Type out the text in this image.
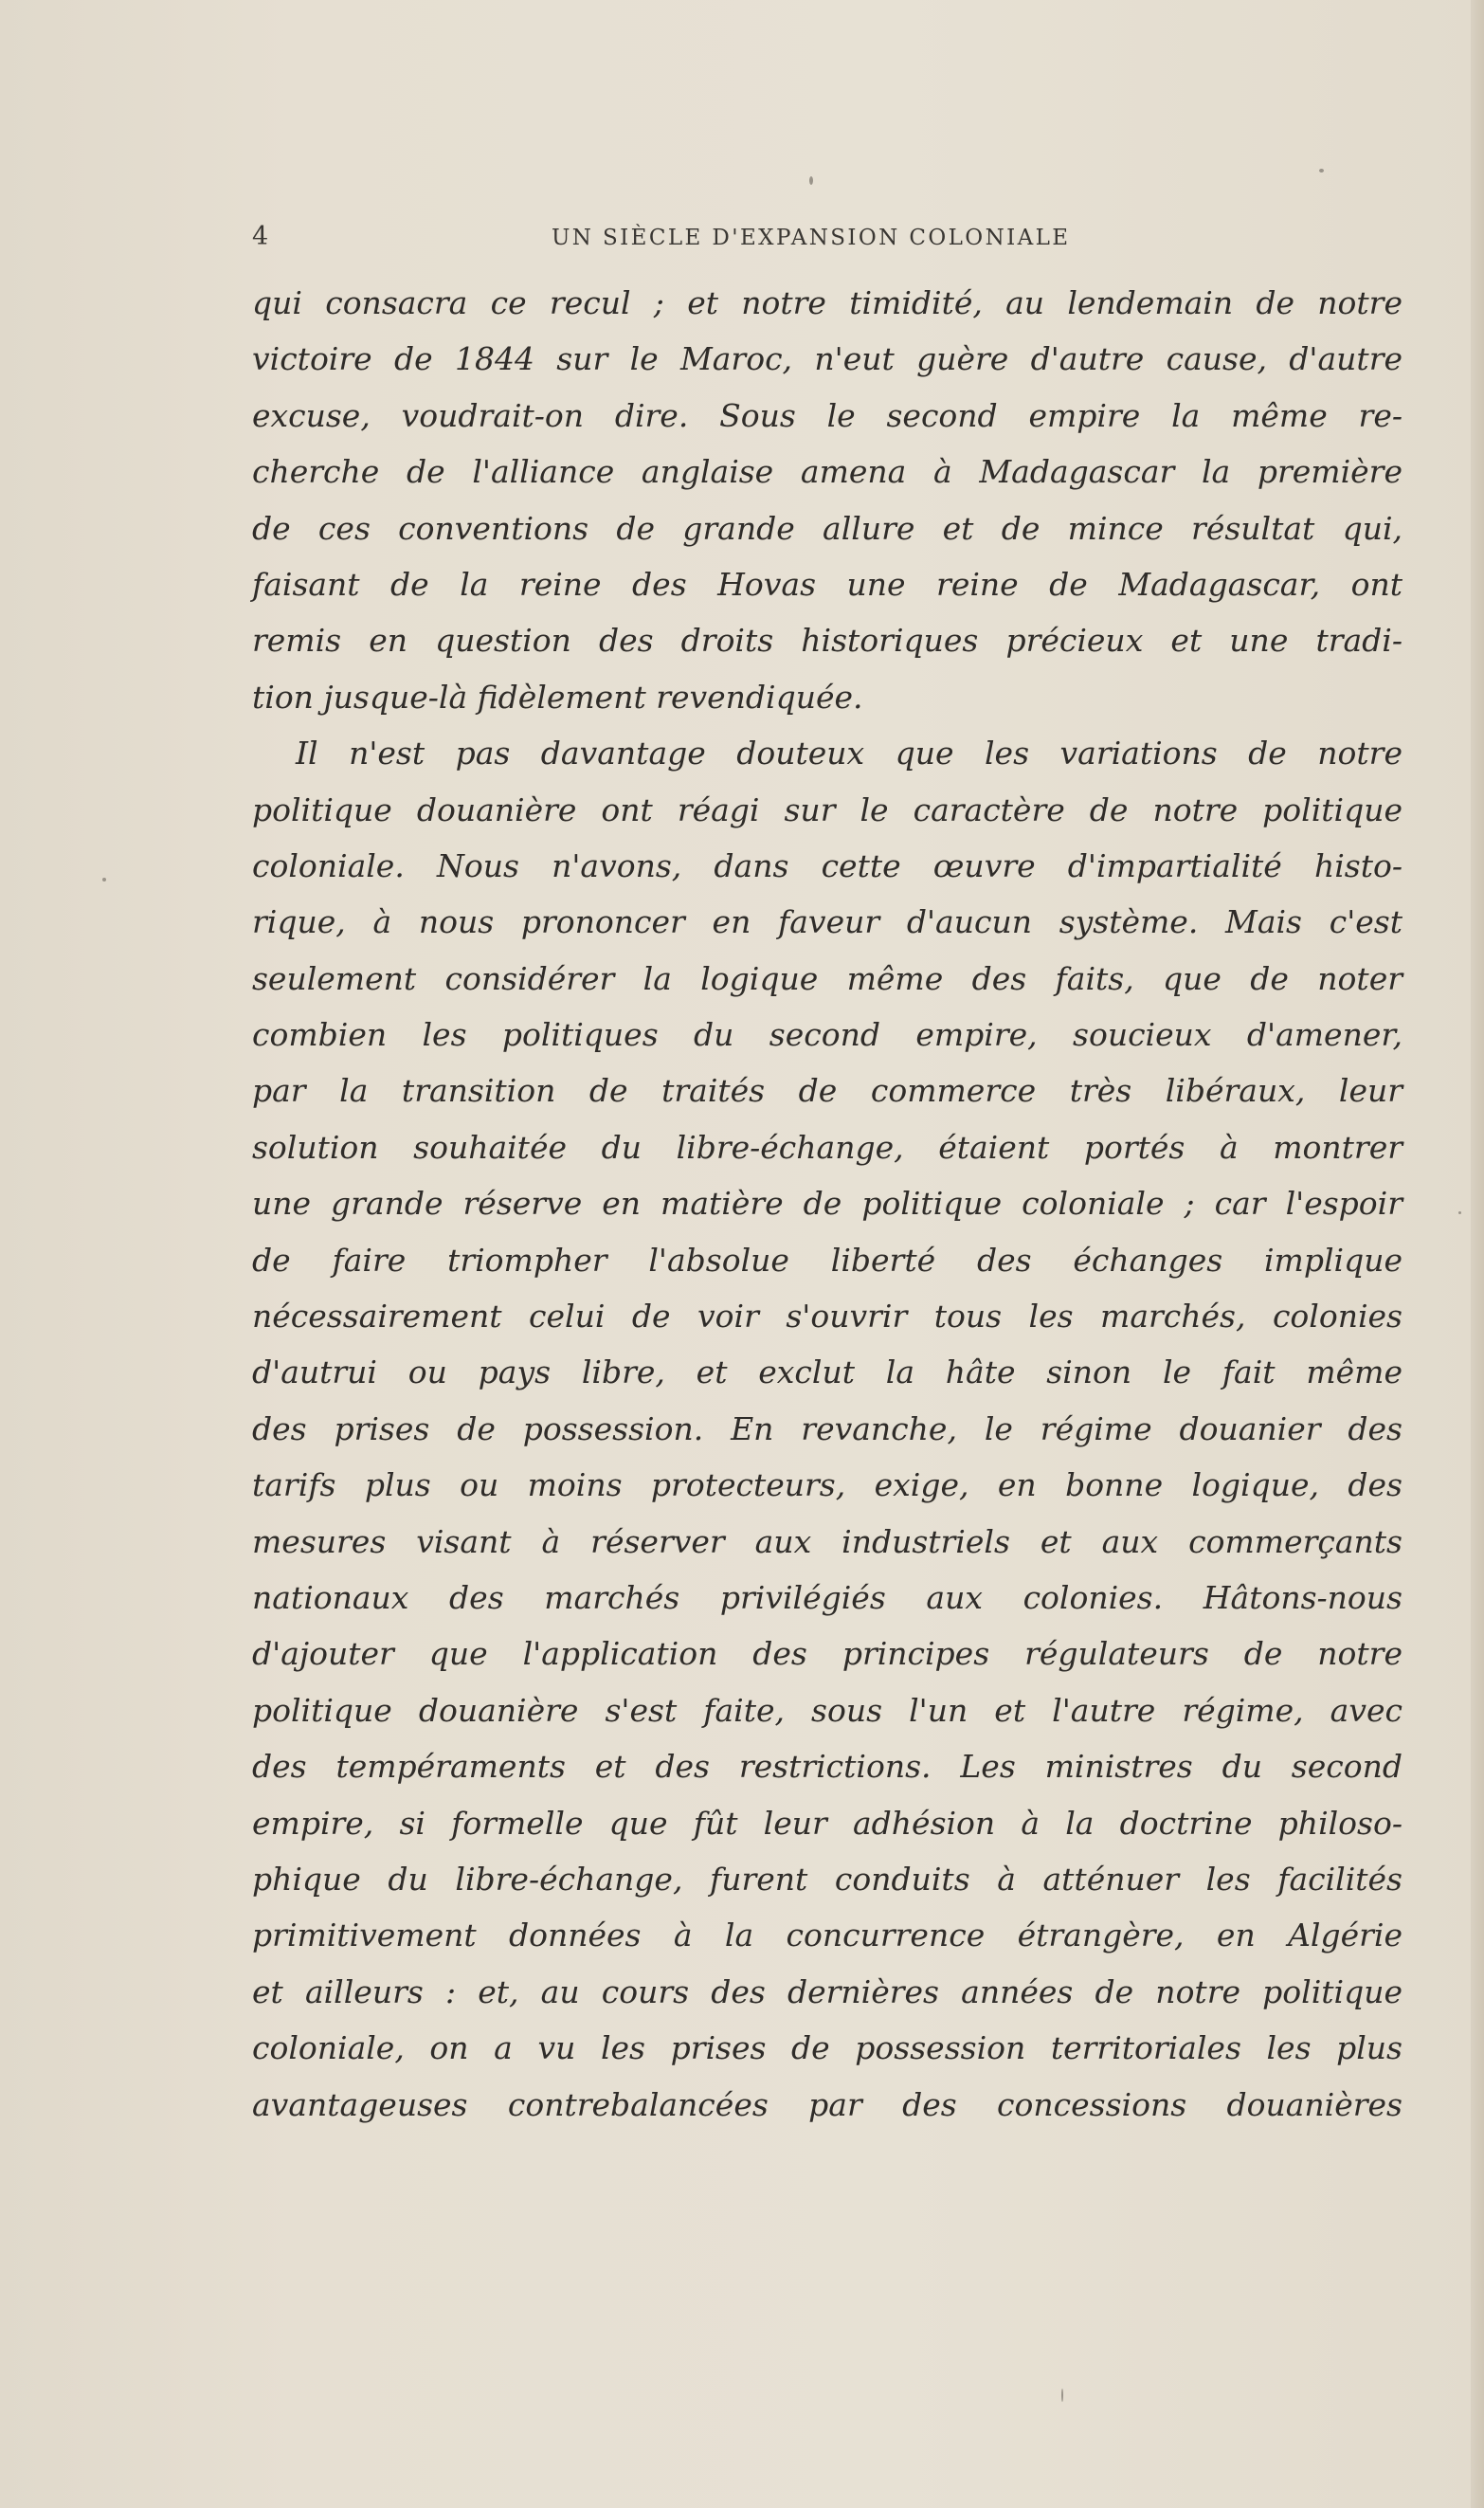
4	UN SIÈCLE D'EXPANSION COLONIALE
qui consacra ce recul ; et notre timidité, au lendemain de notre
victoire de 1844 sur le Maroc, n'eut guère d'autre cause, d'autre
excuse, voudrait-on dire. Sous le second empire la même re-
cherche de l'alliance anglaise amena à Madagascar la première
de ces conventions de grande allure et de mince résultat qui,
faisant de la reine des Hovas une reine de Madagascar, ont
remis en question des droits historiques précieux et une tradi-
tion jusque-là fidèlement revendiquée.
Il n'est pas davantage douteux que les variations de notre
politique douanière ont réagi sur le caractère de notre politique
coloniale. Nous n'avons, dans cette œuvre d'impartialité histo-
rique, à nous prononcer en faveur d'aucun système. Mais c'est
seulement considérer la logique même des faits, que de noter
combien les politiques du second empire, soucieux d'amener,
par la transition de traités de commerce très libéraux, leur
solution souhaitée du libre-échange, étaient portés à montrer
une grande réserve en matière de politique coloniale ; car l'espoir
de faire triompher l'absolue liberté des échanges implique
nécessairement celui de voir s'ouvrir tous les marchés, colonies
d'autrui ou pays libre, et exclut la hâte sinon le fait même
des prises de possession. En revanche, le régime douanier des
tarifs plus ou moins protecteurs, exige, en bonne logique, des
mesures visant à réserver aux industriels et aux commerçants
nationaux des marchés privilégiés aux colonies. Hâtons-nous
d'ajouter que l'application des principes régulateurs de notre
politique douanière s'est faite, sous l'un et l'autre régime, avec
des tempéraments et des restrictions. Les ministres du second
empire, si formelle que fût leur adhésion à la doctrine philoso-
phique du libre-échange, furent conduits à atténuer les facilités
primitivement données à la concurrence étrangère, en Algérie
et ailleurs : et, au cours des dernières années de notre politique
coloniale, on a vu les prises de possession territoriales les plus
avantageuses contrebalancées par des concessions douanières
